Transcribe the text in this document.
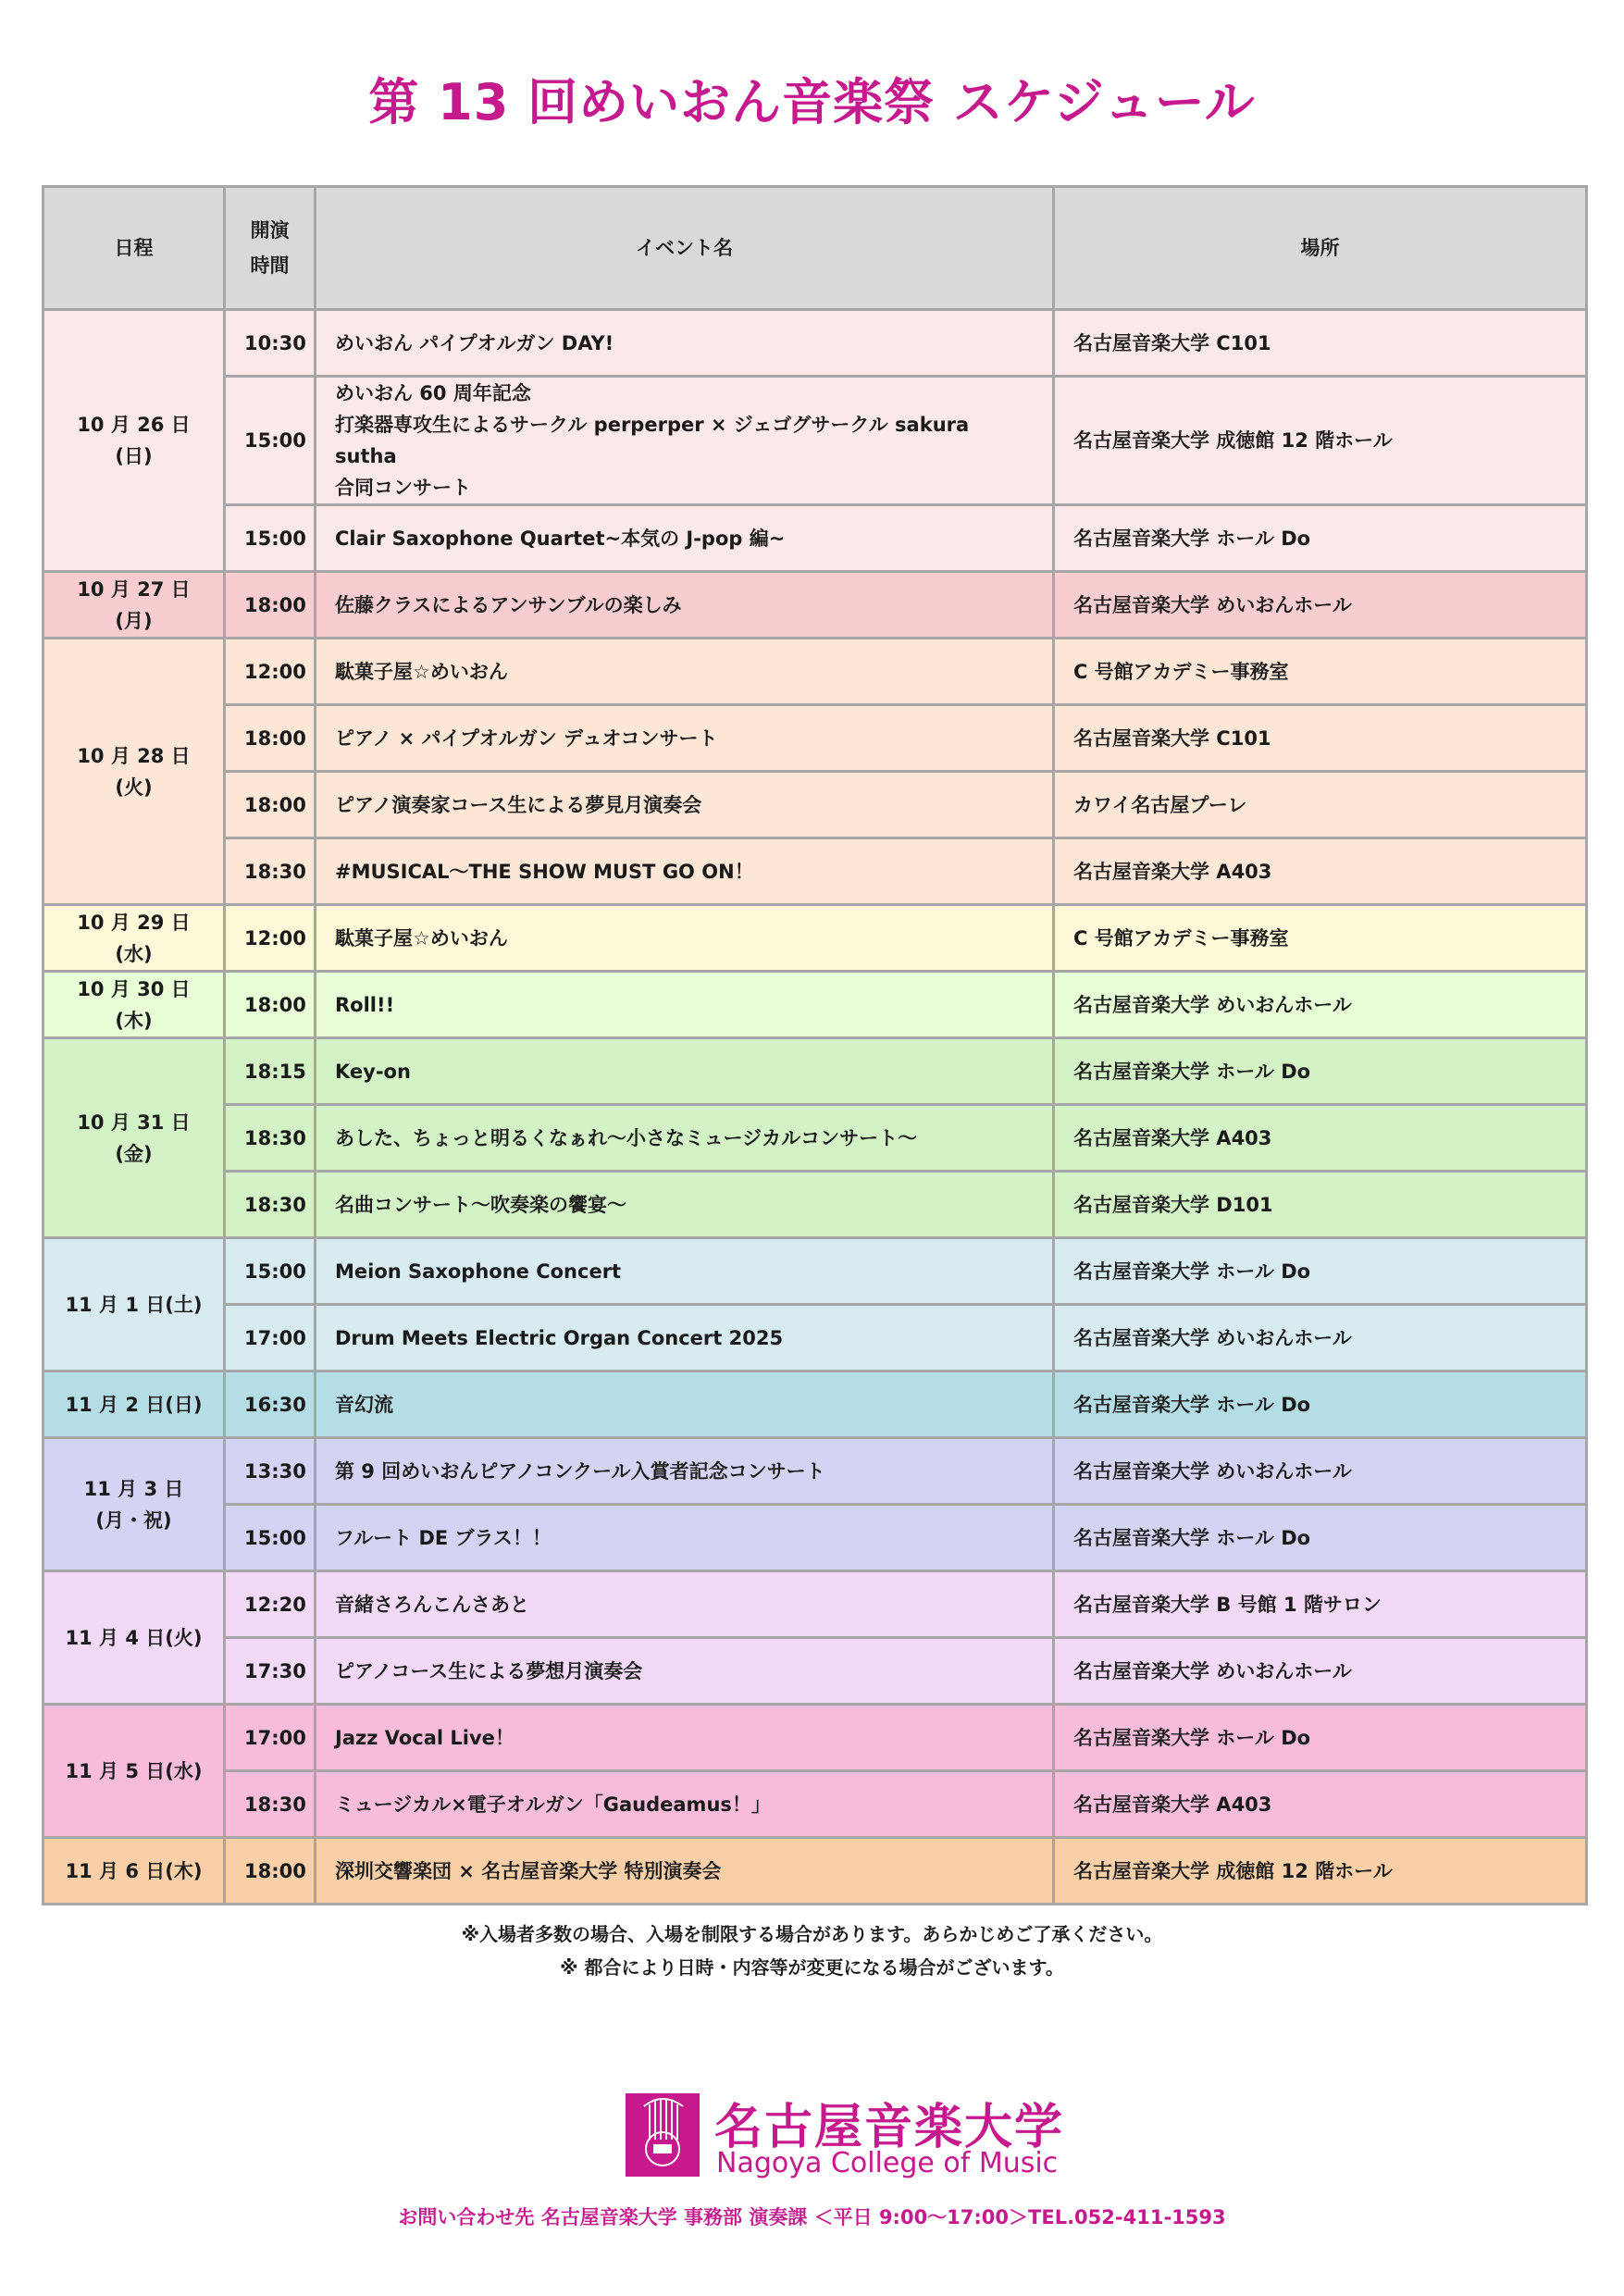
第 13 回めいおん音楽祭 スケジュール
日程	開演
時間	イベント名	場所
10 月 26 日(日)	10:30	めいおん パイプオルガン DAY!	名古屋音楽大学 C101
	15:00	めいおん 60 周年記念
打楽器専攻生によるサークル perperper × ジェゴグサークル sakura sutha
合同コンサート	名古屋音楽大学 成徳館 12 階ホール
	15:00	Clair Saxophone Quartet~本気の J-pop 編~	名古屋音楽大学 ホール Do
10 月 27 日(月)	18:00	佐藤クラスによるアンサンブルの楽しみ	名古屋音楽大学 めいおんホール
10 月 28 日(火)	12:00	駄菓子屋☆めいおん	C 号館アカデミー事務室
	18:00	ピアノ × パイプオルガン デュオコンサート	名古屋音楽大学 C101
	18:00	ピアノ演奏家コース生による夢見月演奏会	カワイ名古屋プーレ
	18:30	#MUSICAL～THE SHOW MUST GO ON！	名古屋音楽大学 A403
10 月 29 日(水)	12:00	駄菓子屋☆めいおん	C 号館アカデミー事務室
10 月 30 日(木)	18:00	Roll!!	名古屋音楽大学 めいおんホール
10 月 31 日(金)	18:15	Key-on	名古屋音楽大学 ホール Do
	18:30	あした、ちょっと明るくなぁれ～小さなミュージカルコンサート～	名古屋音楽大学 A403
	18:30	名曲コンサート～吹奏楽の饗宴～	名古屋音楽大学 D101
11 月 1 日(土)	15:00	Meion Saxophone Concert	名古屋音楽大学 ホール Do
	17:00	Drum Meets Electric Organ Concert 2025	名古屋音楽大学 めいおんホール
11 月 2 日(日)	16:30	音幻流	名古屋音楽大学 ホール Do
11 月 3 日(月・祝)	13:30	第 9 回めいおんピアノコンクール入賞者記念コンサート	名古屋音楽大学 めいおんホール
	15:00	フルート DE ブラス！！	名古屋音楽大学 ホール Do
11 月 4 日(火)	12:20	音緒さろんこんさあと	名古屋音楽大学 B 号館 1 階サロン
	17:30	ピアノコース生による夢想月演奏会	名古屋音楽大学 めいおんホール
11 月 5 日(水)	17:00	Jazz Vocal Live！	名古屋音楽大学 ホール Do
	18:30	ミュージカル×電子オルガン「Gaudeamus！」	名古屋音楽大学 A403
11 月 6 日(木)	18:00	深圳交響楽団 × 名古屋音楽大学 特別演奏会	名古屋音楽大学 成徳館 12 階ホール
※入場者多数の場合、入場を制限する場合があります。あらかじめご了承ください。
※ 都合により日時・内容等が変更になる場合がございます。
名古屋音楽大学
Nagoya College of Music
お問い合わせ先 名古屋音楽大学 事務部 演奏課 ＜平日 9:00～17:00＞TEL.052-411-1593
